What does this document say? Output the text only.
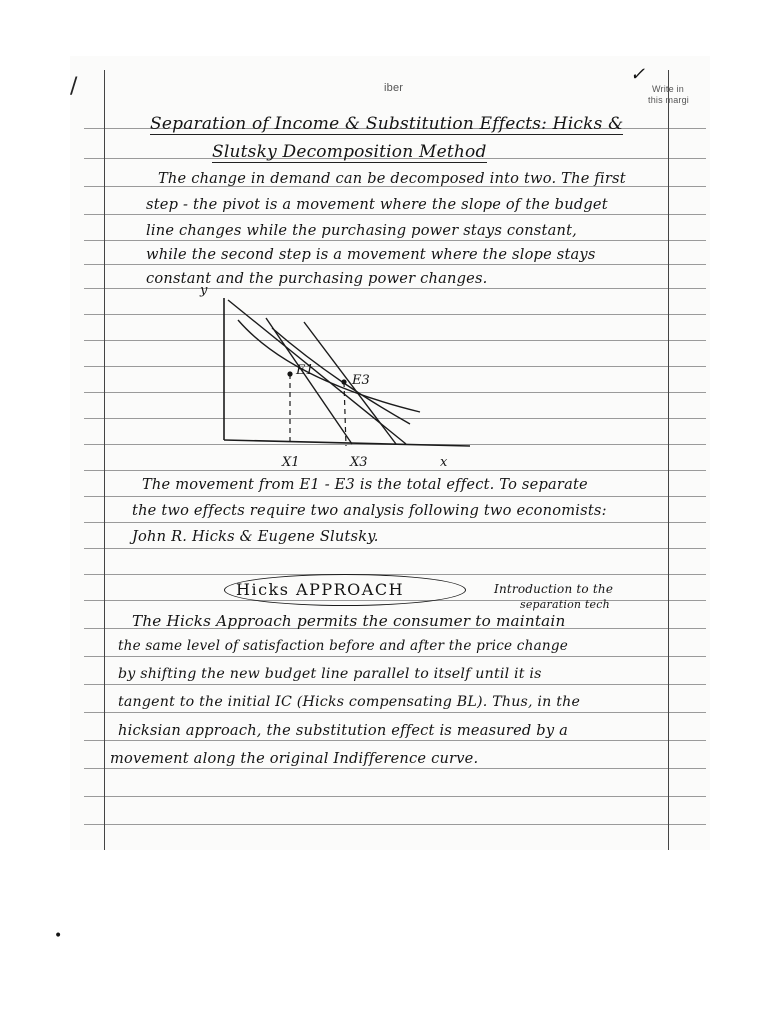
/	iber	Write in
this margi
✓
Separation of Income & Substitution Effects: Hicks &
Slutsky Decomposition Method
The change in demand can be decomposed into two. The first
step - the pivot is a movement where the slope of the budget
line changes while the purchasing power stays constant,
while the second step is a movement where the slope stays
constant and the purchasing power changes.
y
E1
E3
X1	X3	x
The movement from E1 - E3 is the total effect. To separate
the two effects require two analysis following two economists:
John R. Hicks & Eugene Slutsky.
Hicks APPROACH	Introduction to the
separation tech
The Hicks Approach permits the consumer to maintain
the same level of satisfaction before and after the price change
by shifting the new budget line parallel to itself until it is
tangent to the initial IC (Hicks compensating BL). Thus, in the
hicksian approach, the substitution effect is measured by a
movement along the original Indifference curve.
•
